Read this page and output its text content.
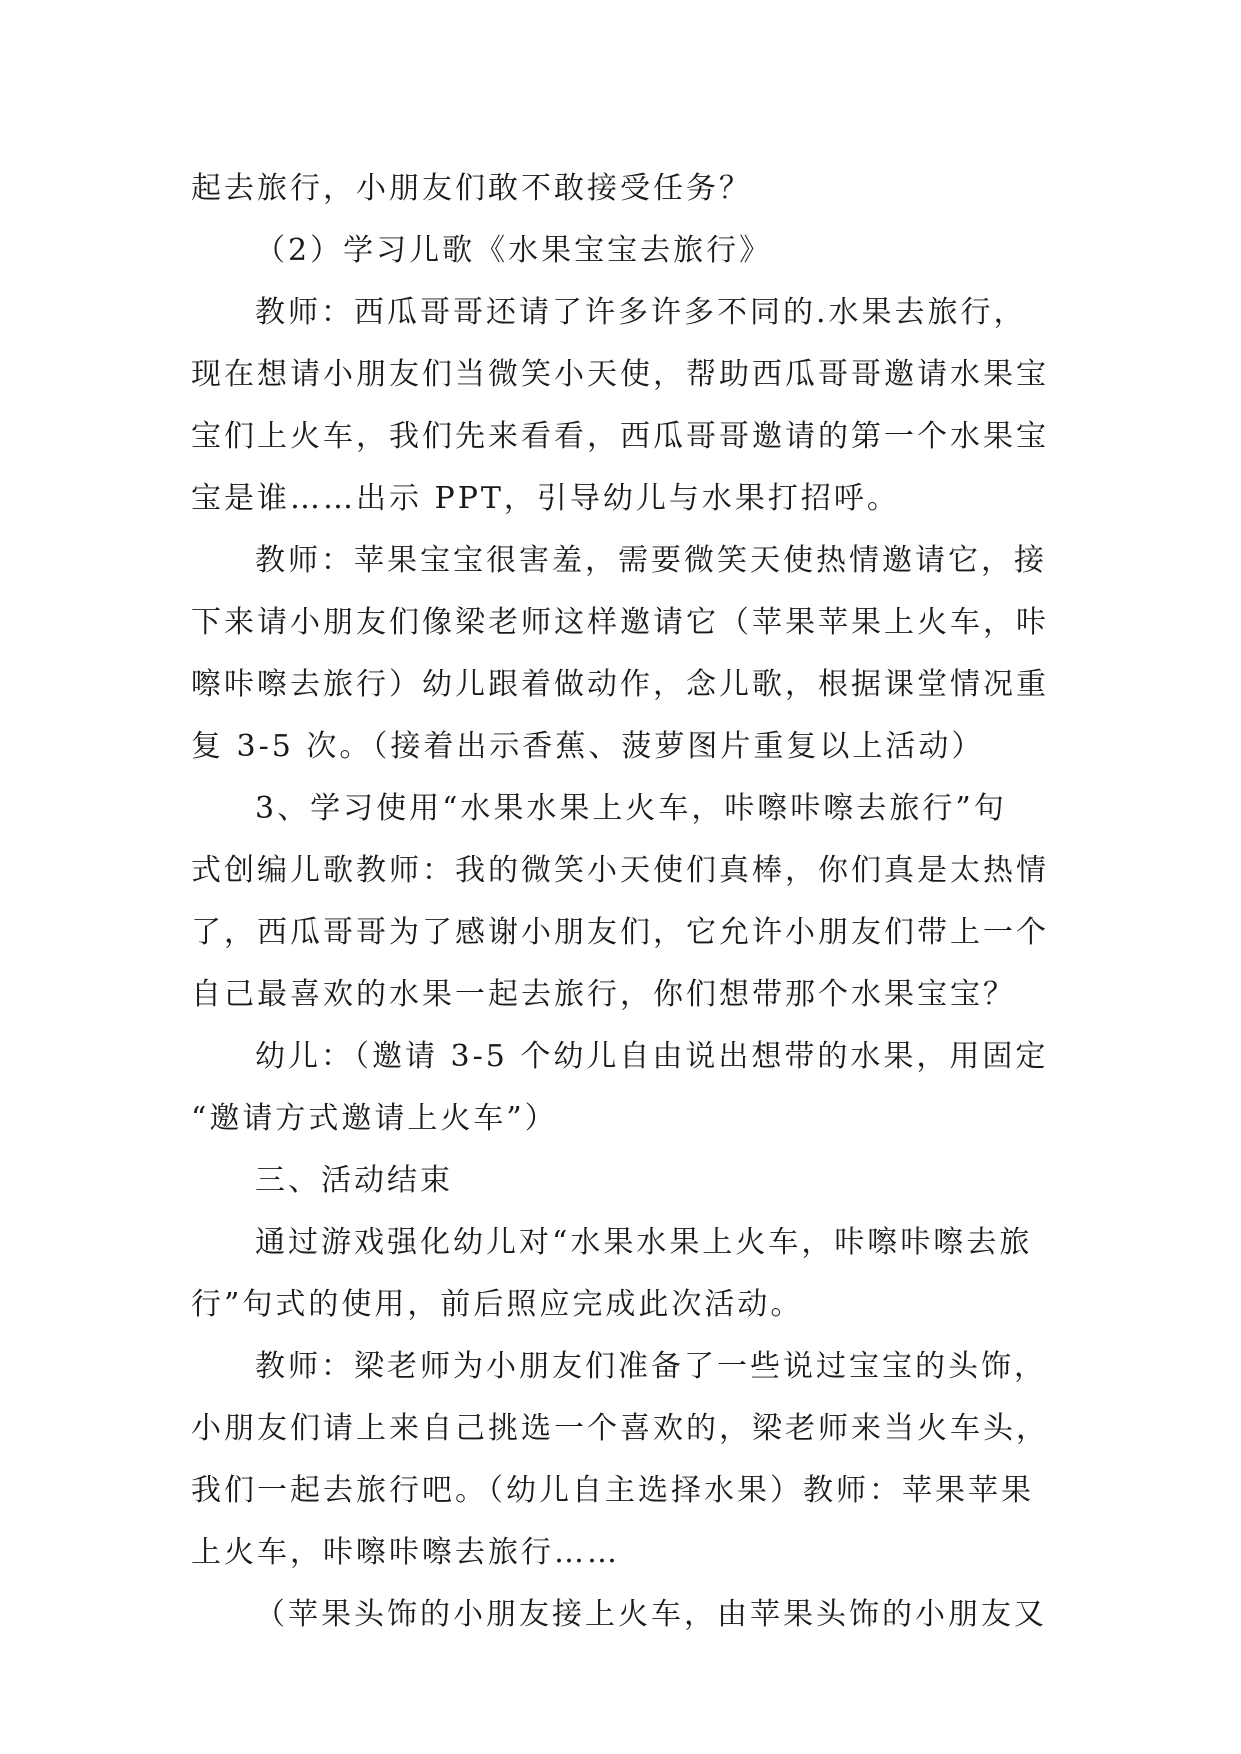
起去旅行，小朋友们敢不敢接受任务？
（2）学习儿歌《水果宝宝去旅行》
教师：西瓜哥哥还请了许多许多不同的.水果去旅行，
现在想请小朋友们当微笑小天使，帮助西瓜哥哥邀请水果宝
宝们上火车，我们先来看看，西瓜哥哥邀请的第一个水果宝
宝是谁……出示 PPT，引导幼儿与水果打招呼。
教师：苹果宝宝很害羞，需要微笑天使热情邀请它，接
下来请小朋友们像梁老师这样邀请它（苹果苹果上火车，咔
嚓咔嚓去旅行）幼儿跟着做动作，念儿歌，根据课堂情况重
复 3-5 次。（接着出示香蕉、菠萝图片重复以上活动）
3、学习使用“水果水果上火车，咔嚓咔嚓去旅行”句
式创编儿歌教师：我的微笑小天使们真棒，你们真是太热情
了，西瓜哥哥为了感谢小朋友们，它允许小朋友们带上一个
自己最喜欢的水果一起去旅行，你们想带那个水果宝宝？
幼儿：（邀请 3-5 个幼儿自由说出想带的水果，用固定
“邀请方式邀请上火车”）
三、活动结束
通过游戏强化幼儿对“水果水果上火车，咔嚓咔嚓去旅
行”句式的使用，前后照应完成此次活动。
教师：梁老师为小朋友们准备了一些说过宝宝的头饰，
小朋友们请上来自己挑选一个喜欢的，梁老师来当火车头，
我们一起去旅行吧。（幼儿自主选择水果）教师：苹果苹果
上火车，咔嚓咔嚓去旅行……
（苹果头饰的小朋友接上火车，由苹果头饰的小朋友又
